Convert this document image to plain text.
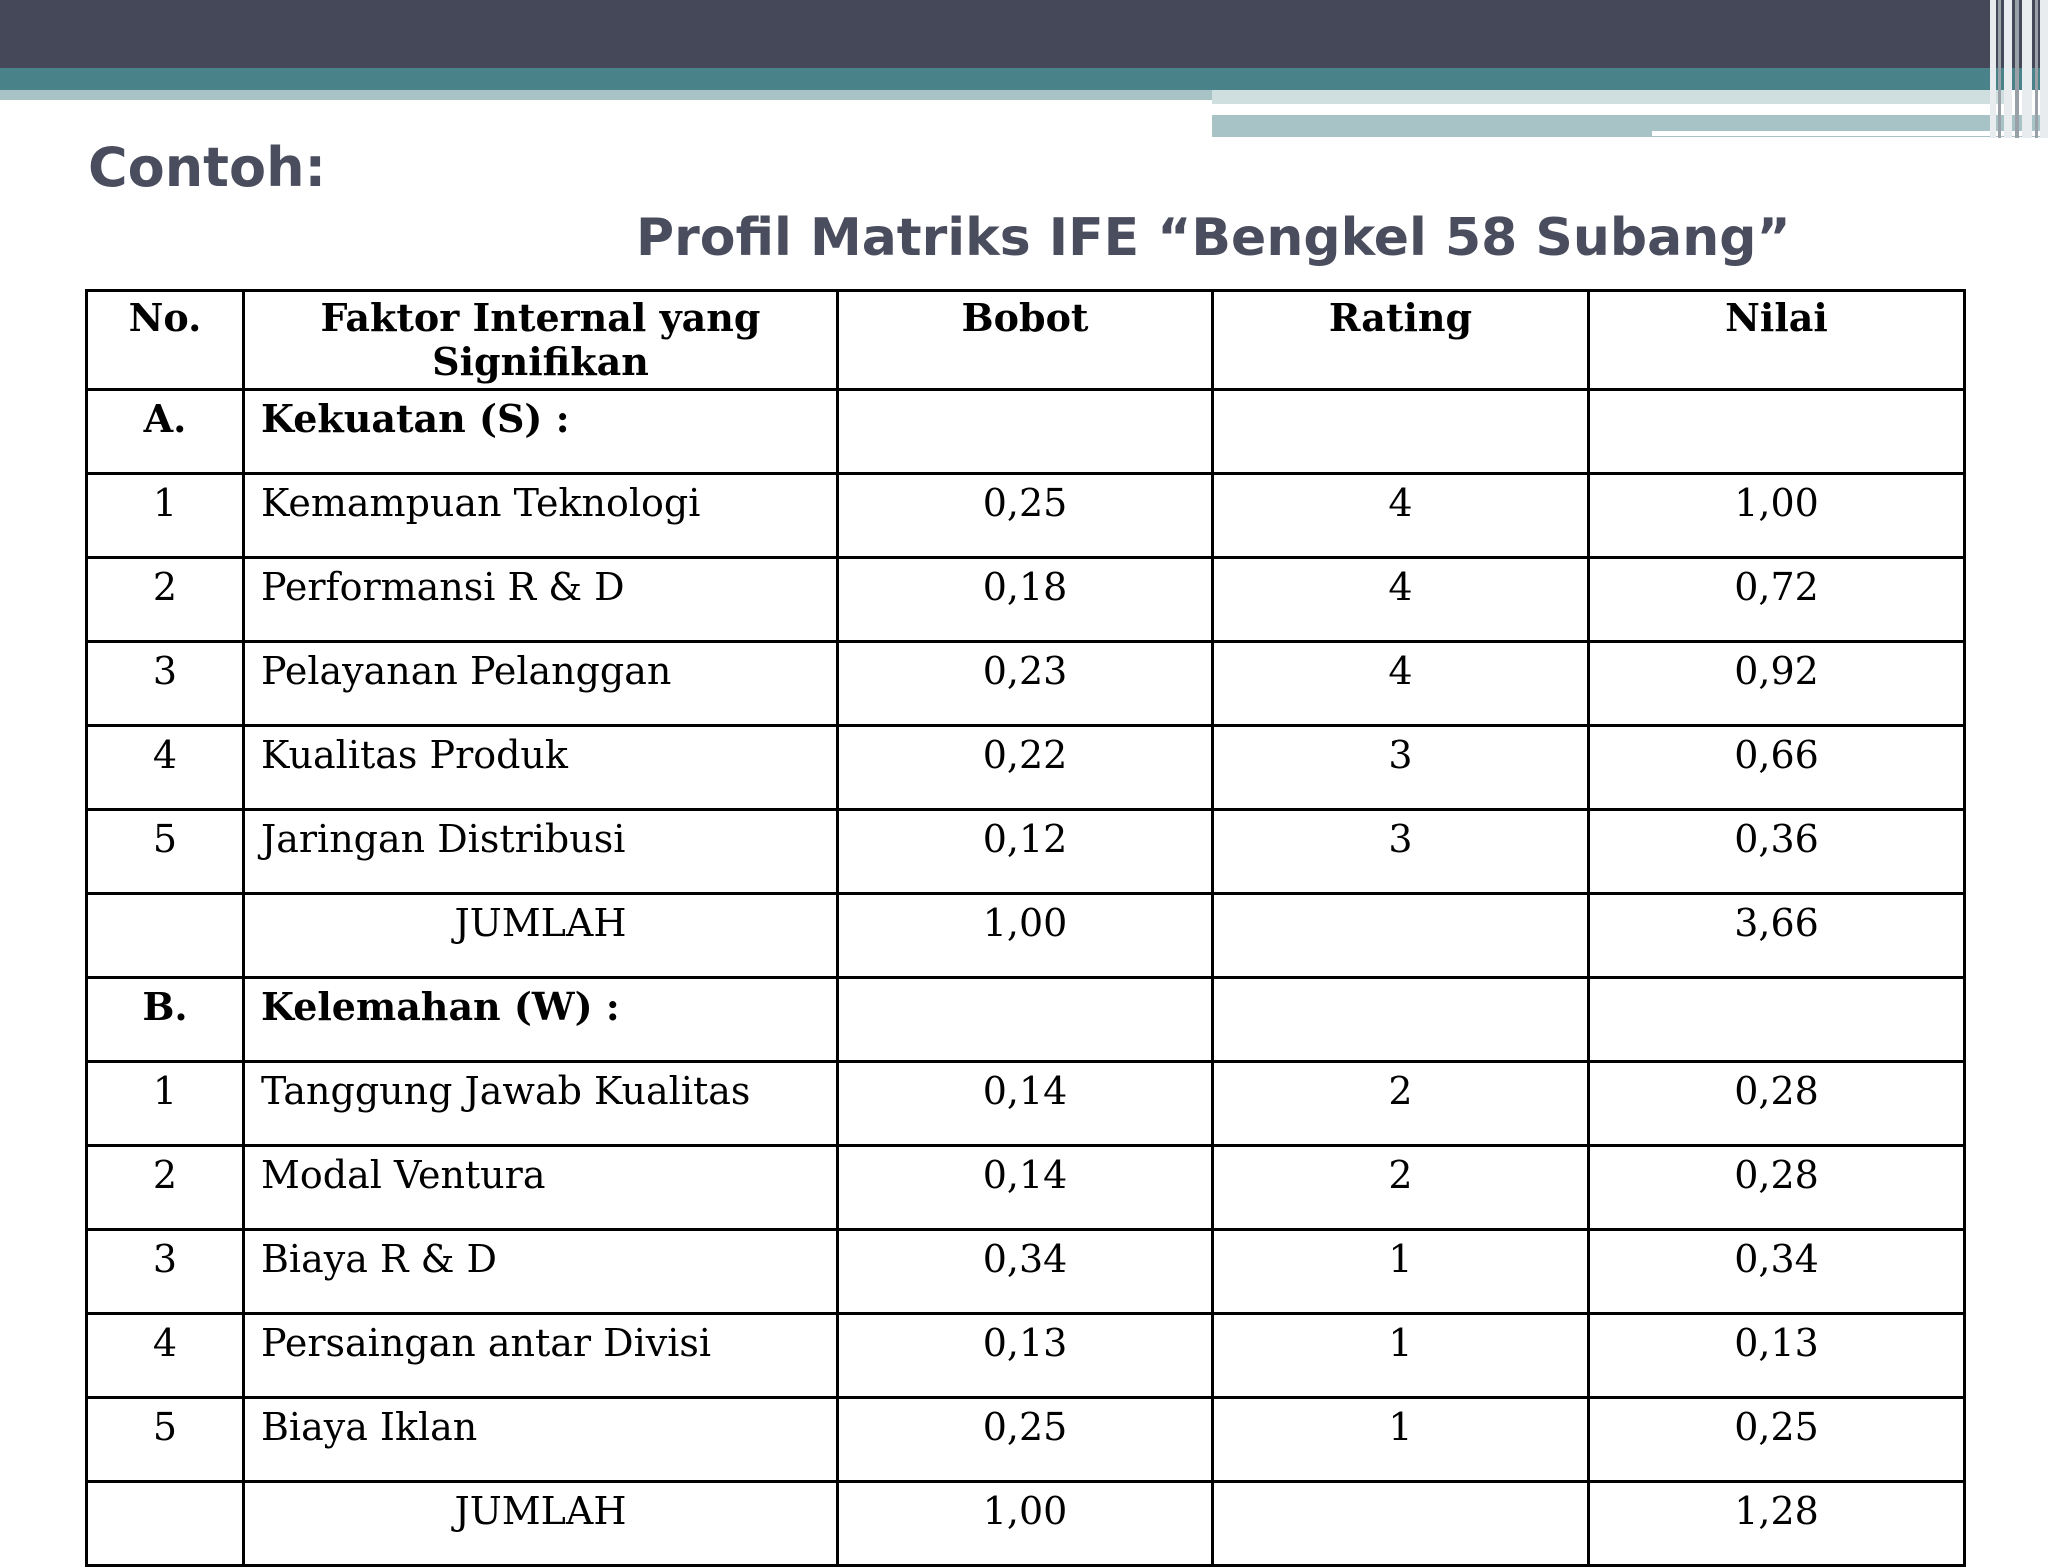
Contoh:
Profil Matriks IFE “Bengkel 58 Subang”
No.	Faktor Internal yang Signifikan	Bobot	Rating	Nilai
A.	Kekuatan (S) :			
1	Kemampuan Teknologi	0,25	4	1,00
2	Performansi R & D	0,18	4	0,72
3	Pelayanan Pelanggan	0,23	4	0,92
4	Kualitas Produk	0,22	3	0,66
5	Jaringan Distribusi	0,12	3	0,36
	JUMLAH	1,00		3,66
B.	Kelemahan (W) :			
1	Tanggung Jawab Kualitas	0,14	2	0,28
2	Modal Ventura	0,14	2	0,28
3	Biaya R & D	0,34	1	0,34
4	Persaingan antar Divisi	0,13	1	0,13
5	Biaya Iklan	0,25	1	0,25
	JUMLAH	1,00		1,28
